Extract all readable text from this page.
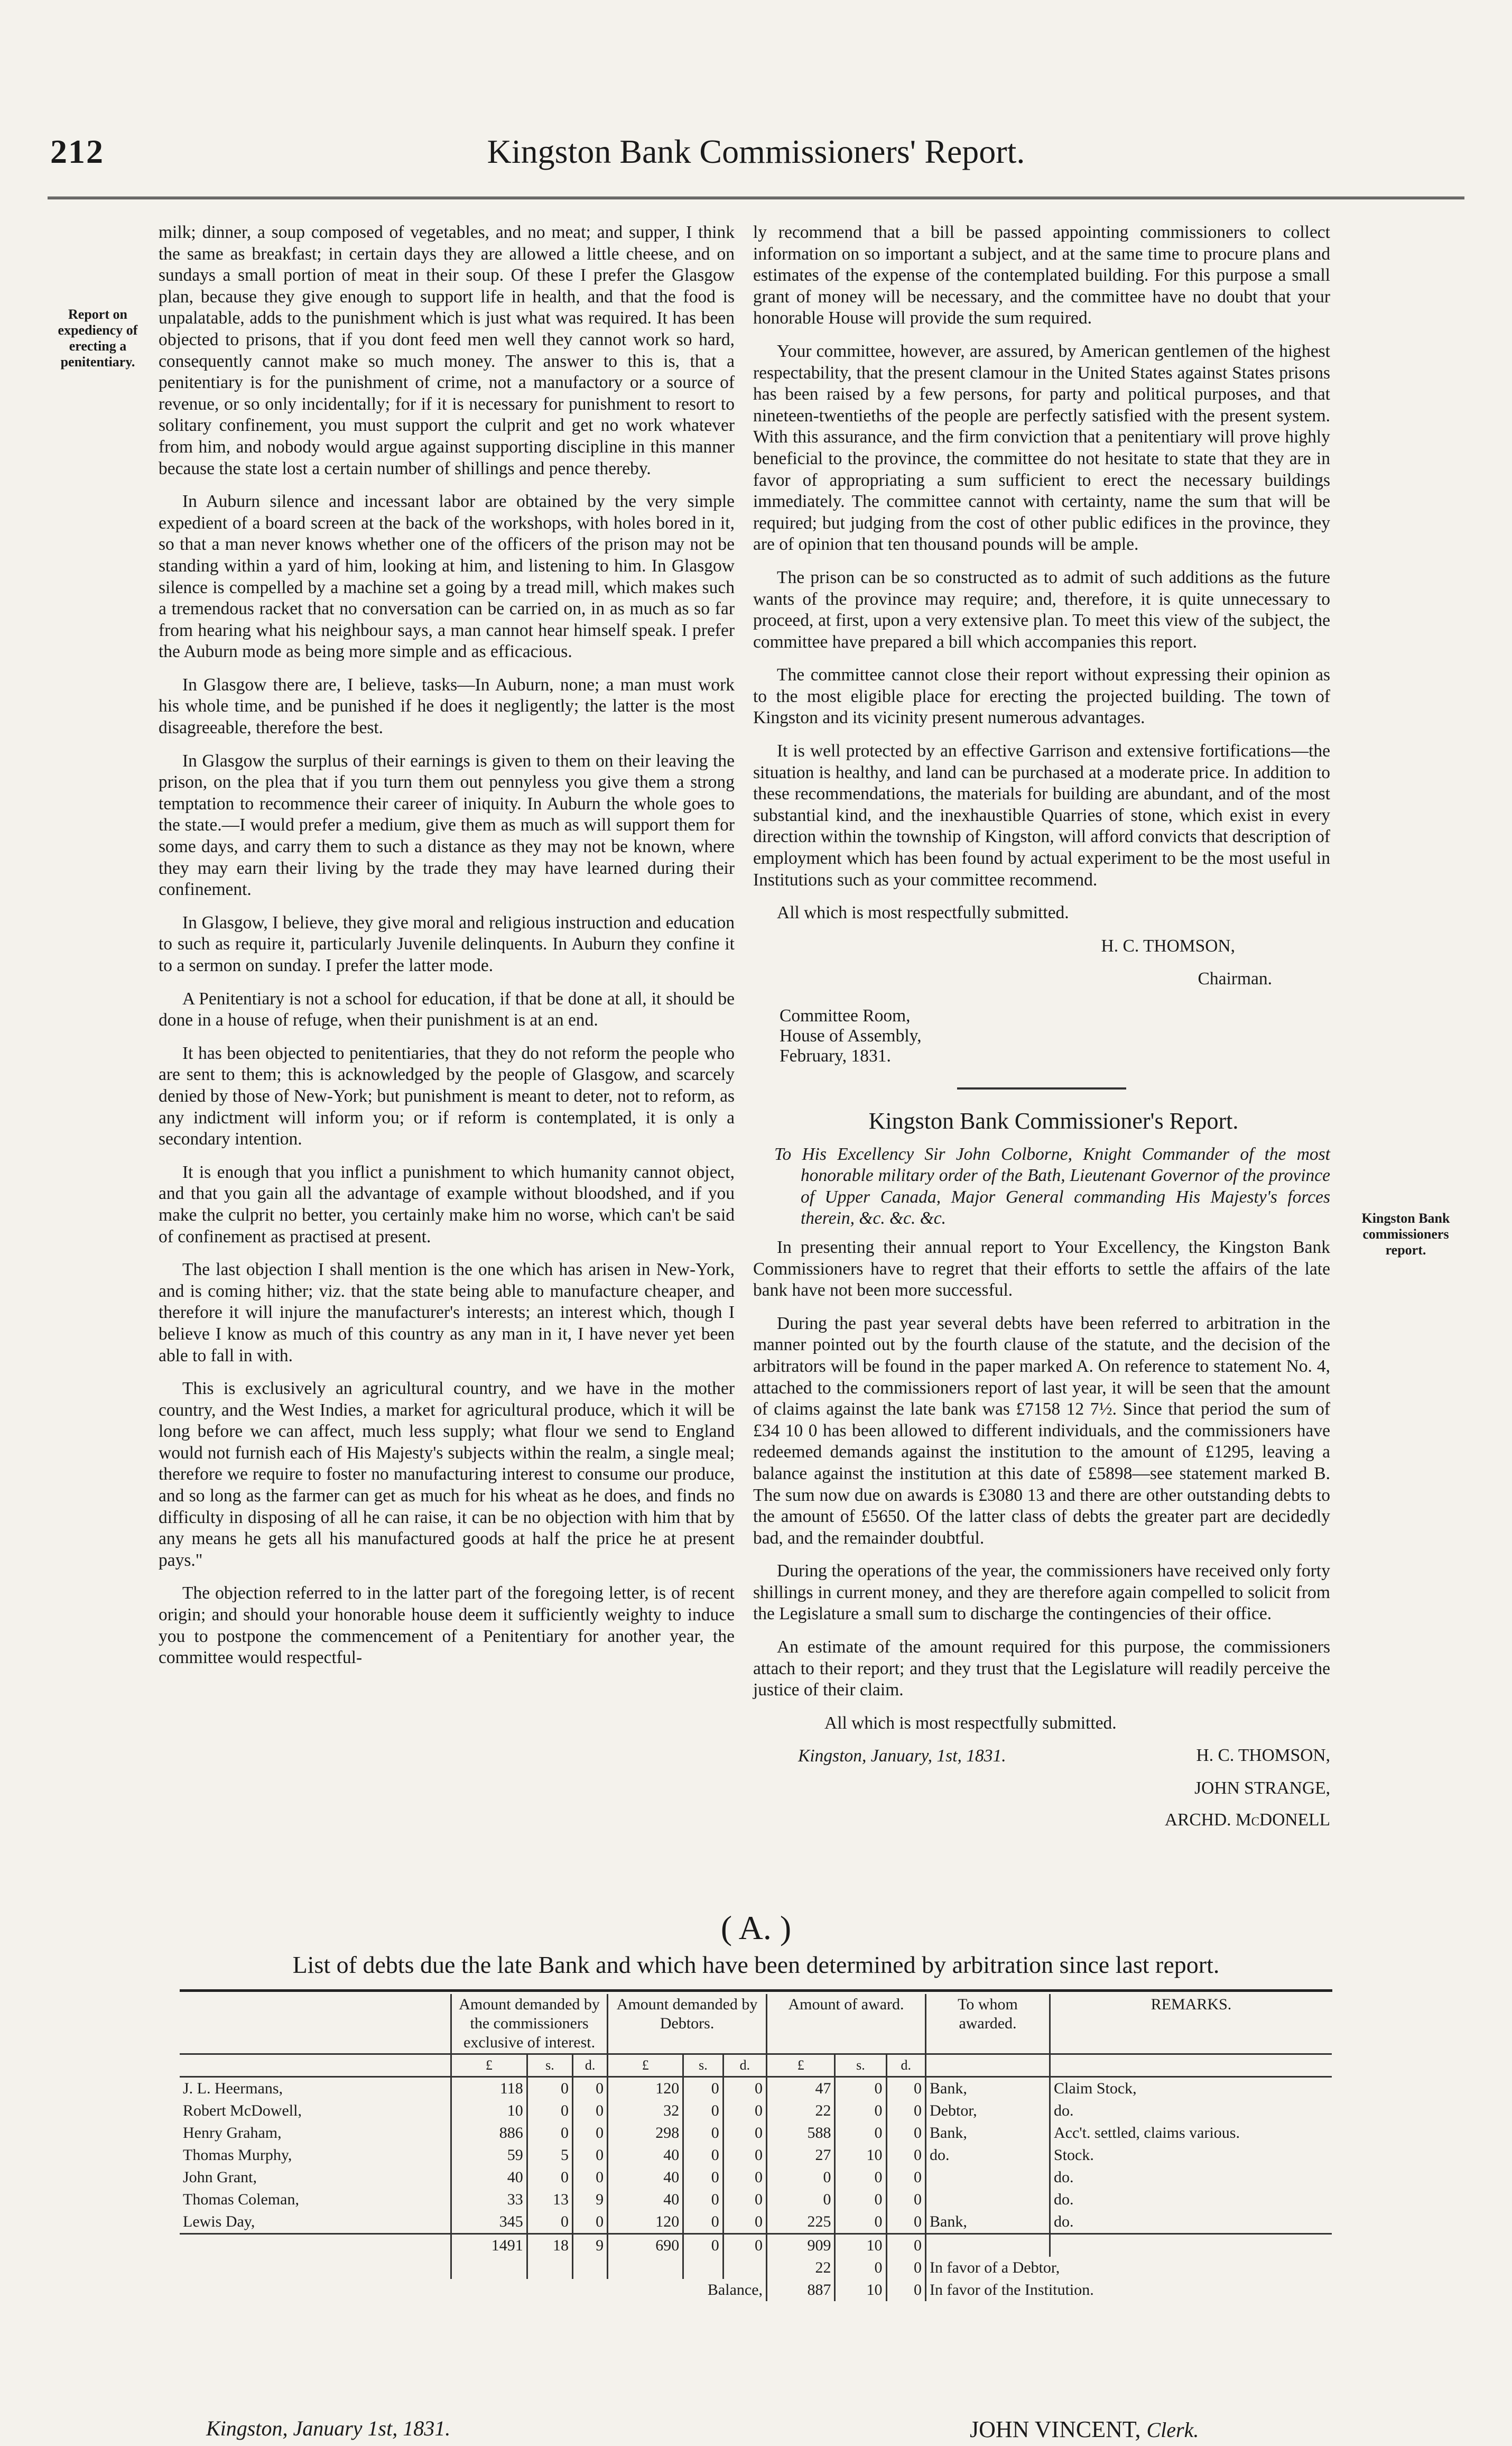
212	Kingston Bank Commissioners' Report.
Report on expediency of erecting a penitentiary.
Kingston Bank commissioners report.

milk; dinner, a soup composed of vegetables, and no meat; and supper, I think the same as breakfast; in certain days they are allowed a little cheese, and on sundays a small portion of meat in their soup. Of these I prefer the Glasgow plan, because they give enough to support life in health, and that the food is unpalatable, adds to the punishment which is just what was required. It has been objected to prisons, that if you dont feed men well they cannot work so hard, consequently cannot make so much money. The answer to this is, that a penitentiary is for the punishment of crime, not a manufactory or a source of revenue, or so only incidentally; for if it is necessary for punishment to resort to solitary confinement, you must support the culprit and get no work whatever from him, and nobody would argue against supporting discipline in this manner because the state lost a certain number of shillings and pence thereby.

In Auburn silence and incessant labor are obtained by the very simple expedient of a board screen at the back of the workshops, with holes bored in it, so that a man never knows whether one of the officers of the prison may not be standing within a yard of him, looking at him, and listening to him. In Glasgow silence is compelled by a machine set a going by a tread mill, which makes such a tremendous racket that no conversation can be carried on, in as much as so far from hearing what his neighbour says, a man cannot hear himself speak. I prefer the Auburn mode as being more simple and as efficacious.

In Glasgow there are, I believe, tasks—In Auburn, none; a man must work his whole time, and be punished if he does it negligently; the latter is the most disagreeable, therefore the best.

In Glasgow the surplus of their earnings is given to them on their leaving the prison, on the plea that if you turn them out pennyless you give them a strong temptation to recommence their career of iniquity. In Auburn the whole goes to the state.—I would prefer a medium, give them as much as will support them for some days, and carry them to such a distance as they may not be known, where they may earn their living by the trade they may have learned during their confinement.

In Glasgow, I believe, they give moral and religious instruction and education to such as require it, particularly Juvenile delinquents. In Auburn they confine it to a sermon on sunday. I prefer the latter mode.

A Penitentiary is not a school for education, if that be done at all, it should be done in a house of refuge, when their punishment is at an end.

It has been objected to penitentiaries, that they do not reform the people who are sent to them; this is acknowledged by the people of Glasgow, and scarcely denied by those of New-York; but punishment is meant to deter, not to reform, as any indictment will inform you; or if reform is contemplated, it is only a secondary intention.

It is enough that you inflict a punishment to which humanity cannot object, and that you gain all the advantage of example without bloodshed, and if you make the culprit no better, you certainly make him no worse, which can't be said of confinement as practised at present.

The last objection I shall mention is the one which has arisen in New-York, and is coming hither; viz. that the state being able to manufacture cheaper, and therefore it will injure the manufacturer's interests; an interest which, though I believe I know as much of this country as any man in it, I have never yet been able to fall in with.

This is exclusively an agricultural country, and we have in the mother country, and the West Indies, a market for agricultural produce, which it will be long before we can affect, much less supply; what flour we send to England would not furnish each of His Majesty's subjects within the realm, a single meal; therefore we require to foster no manufacturing interest to consume our produce, and so long as the farmer can get as much for his wheat as he does, and finds no difficulty in disposing of all he can raise, it can be no objection with him that by any means he gets all his manufactured goods at half the price he at present pays."

The objection referred to in the latter part of the foregoing letter, is of recent origin; and should your honorable house deem it sufficiently weighty to induce you to postpone the commencement of a Penitentiary for another year, the committee would respectful-

ly recommend that a bill be passed appointing commissioners to collect information on so important a subject, and at the same time to procure plans and estimates of the expense of the contemplated building. For this purpose a small grant of money will be necessary, and the committee have no doubt that your honorable House will provide the sum required.

Your committee, however, are assured, by American gentlemen of the highest respectability, that the present clamour in the United States against States prisons has been raised by a few persons, for party and political purposes, and that nineteen-twentieths of the people are perfectly satisfied with the present system. With this assurance, and the firm conviction that a penitentiary will prove highly beneficial to the province, the committee do not hesitate to state that they are in favor of appropriating a sum sufficient to erect the necessary buildings immediately. The committee cannot with certainty, name the sum that will be required; but judging from the cost of other public edifices in the province, they are of opinion that ten thousand pounds will be ample.

The prison can be so constructed as to admit of such additions as the future wants of the province may require; and, therefore, it is quite unnecessary to proceed, at first, upon a very extensive plan. To meet this view of the subject, the committee have prepared a bill which accompanies this report.

The committee cannot close their report without expressing their opinion as to the most eligible place for erecting the projected building. The town of Kingston and its vicinity present numerous advantages.

It is well protected by an effective Garrison and extensive fortifications—the situation is healthy, and land can be purchased at a moderate price. In addition to these recommendations, the materials for building are abundant, and of the most substantial kind, and the inexhaustible Quarries of stone, which exist in every direction within the township of Kingston, will afford convicts that description of employment which has been found by actual experiment to be the most useful in Institutions such as your committee recommend.

All which is most respectfully submitted.

H. C. THOMSON,

Chairman.

Committee Room,
House of Assembly,
February, 1831.

Kingston Bank Commissioner's Report.

To His Excellency Sir John Colborne, Knight Commander of the most honorable military order of the Bath, Lieutenant Governor of the province of Upper Canada, Major General commanding His Majesty's forces therein, &c. &c. &c.

In presenting their annual report to Your Excellency, the Kingston Bank Commissioners have to regret that their efforts to settle the affairs of the late bank have not been more successful.

During the past year several debts have been referred to arbitration in the manner pointed out by the fourth clause of the statute, and the decision of the arbitrators will be found in the paper marked A. On reference to statement No. 4, attached to the commissioners report of last year, it will be seen that the amount of claims against the late bank was £7158 12 7½. Since that period the sum of £34 10 0 has been allowed to different individuals, and the commissioners have redeemed demands against the institution to the amount of £1295, leaving a balance against the institution at this date of £5898—see statement marked B. The sum now due on awards is £3080 13 and there are other outstanding debts to the amount of £5650. Of the latter class of debts the greater part are decidedly bad, and the remainder doubtful.

During the operations of the year, the commissioners have received only forty shillings in current money, and they are therefore again compelled to solicit from the Legislature a small sum to discharge the contingencies of their office.

An estimate of the amount required for this purpose, the commissioners attach to their report; and they trust that the Legislature will readily perceive the justice of their claim.

All which is most respectfully submitted.

Kingston, January, 1st, 1831.	H. C. THOMSON,

JOHN STRANGE,

ARCHD. McDONELL

( A. )
List of debts due the late Bank and which have been determined by arbitration since last report.
	Amount demanded by the commissioners exclusive of interest.			Amount demanded by Debtors.			Amount of award.			To whom awarded.	REMARKS.
	£	s.	d.	£	s.	d.	£	s.	d.		
J. L. Heermans,	118	0	0	120	0	0	47	0	0	Bank,	Claim Stock,
Robert McDowell,	10	0	0	32	0	0	22	0	0	Debtor,	do.
Henry Graham,	886	0	0	298	0	0	588	0	0	Bank,	Acc't. settled, claims various.
Thomas Murphy,	59	5	0	40	0	0	27	10	0	do.	Stock.
John Grant,	40	0	0	40	0	0	0	0	0		do.
Thomas Coleman,	33	13	9	40	0	0	0	0	0		do.
Lewis Day,	345	0	0	120	0	0	225	0	0	Bank,	do.
	1491	18	9	690	0	0	909	10	0		
							22	0	0	In favor of a Debtor,	
Balance,							887	10	0	In favor of the Institution.	
Kingston, January 1st, 1831.	JOHN VINCENT, Clerk.
